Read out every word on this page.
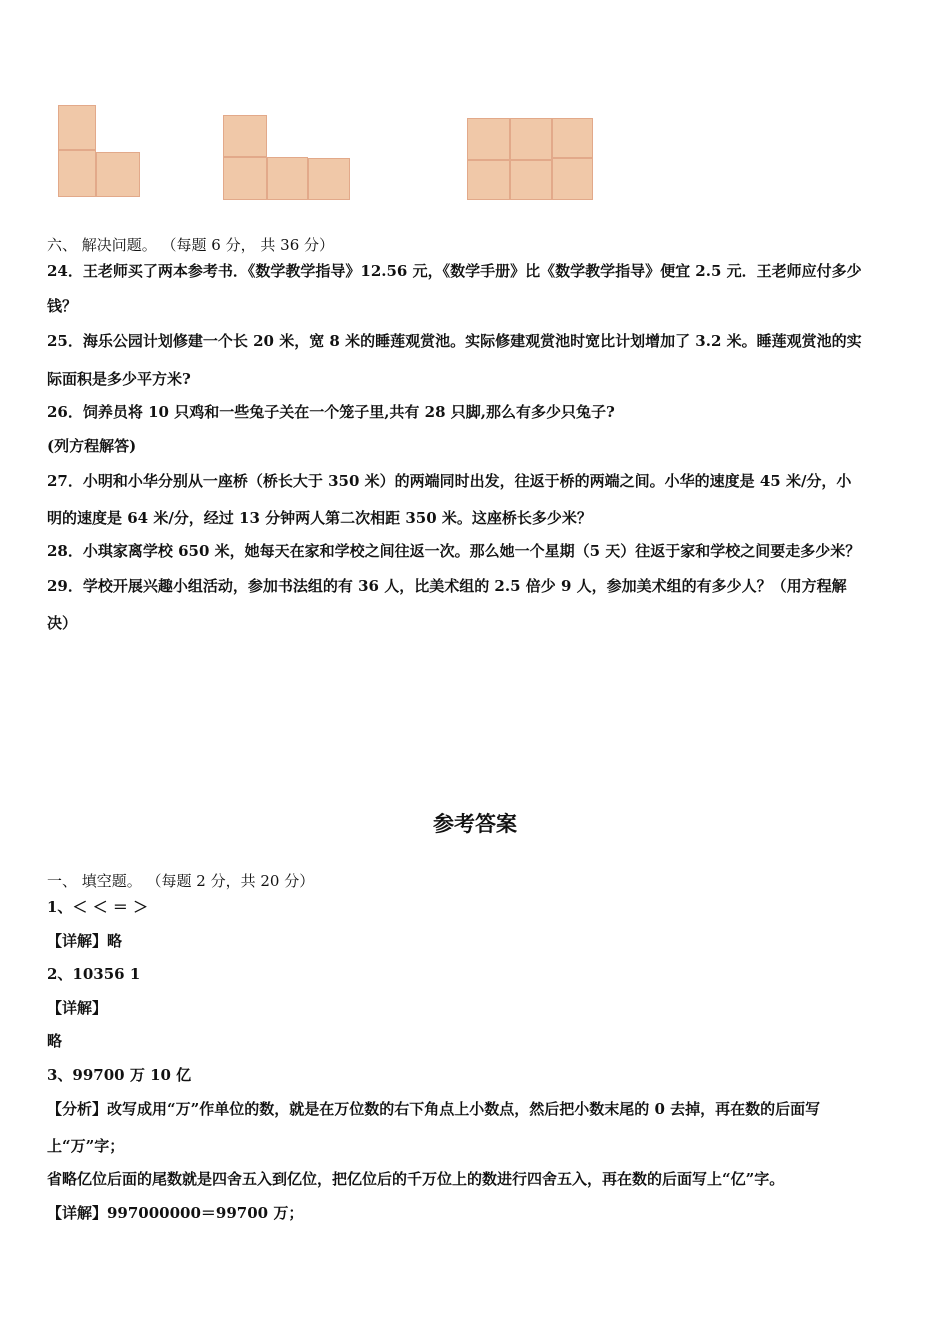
六、 解决问题。 （每题 6 分， 共 36 分）
24．王老师买了两本参考书．《数学教学指导》12.56 元，《数学手册》比《数学教学指导》便宜 2.5 元．王老师应付多少
钱？
25．海乐公园计划修建一个长 20 米，宽 8 米的睡莲观赏池。实际修建观赏池时宽比计划增加了 3.2 米。睡莲观赏池的实
际面积是多少平方米?
26．饲养员将 10 只鸡和一些兔子关在一个笼子里,共有 28 只脚,那么有多少只兔子?
(列方程解答)
27．小明和小华分别从一座桥（桥长大于 350 米）的两端同时出发，往返于桥的两端之间。小华的速度是 45 米/分，小
明的速度是 64 米/分，经过 13 分钟两人第二次相距 350 米。这座桥长多少米？
28．小琪家离学校 650 米，她每天在家和学校之间往返一次。那么她一个星期（5 天）往返于家和学校之间要走多少米？
29．学校开展兴趣小组活动，参加书法组的有 36 人，比美术组的 2.5 倍少 9 人，参加美术组的有多少人？（用方程解
决）
参考答案
一、 填空题。 （每题 2 分，共 20 分）
1、＜ ＜ ＝ ＞
【详解】略
2、10356 1
【详解】
略
3、99700 万 10 亿
【分析】改写成用“万”作单位的数，就是在万位数的右下角点上小数点，然后把小数末尾的 0 去掉，再在数的后面写
上“万”字；
省略亿位后面的尾数就是四舍五入到亿位，把亿位后的千万位上的数进行四舍五入，再在数的后面写上“亿”字。
【详解】997000000＝99700 万；
